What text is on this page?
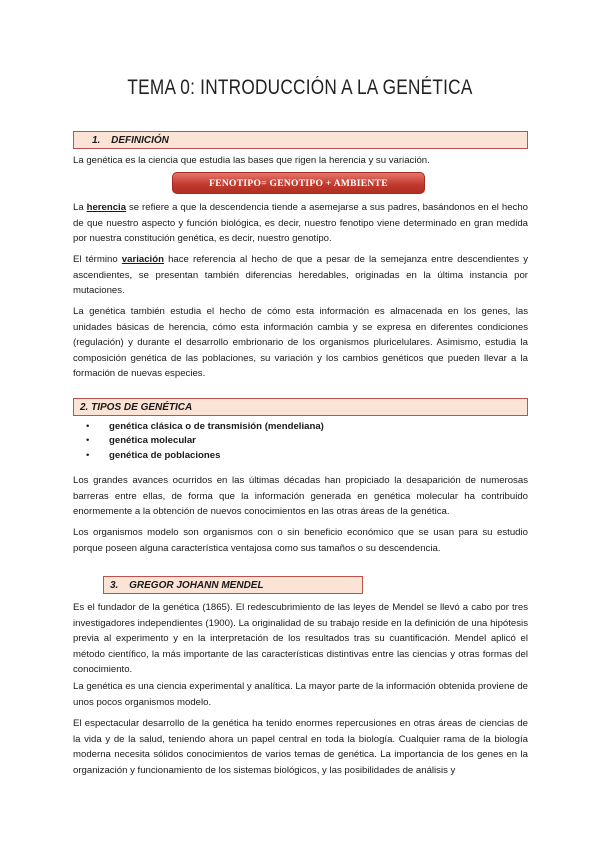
TEMA 0: INTRODUCCIÓN A LA GENÉTICA
1. DEFINICIÓN

La genética es la ciencia que estudia las bases que rigen la herencia y su variación.

FENOTIPO= GENOTIPO + AMBIENTE

La herencia se refiere a que la descendencia tiende a asemejarse a sus padres, basándonos en el hecho de que nuestro aspecto y función biológica, es decir, nuestro fenotipo viene determinado en gran medida por nuestra constitución genética, es decir, nuestro genotipo.

El término variación hace referencia al hecho de que a pesar de la semejanza entre descendientes y ascendientes, se presentan también diferencias heredables, originadas en la última instancia por mutaciones.

La genética también estudia el hecho de cómo esta información es almacenada en los genes, las unidades básicas de herencia, cómo esta información cambia y se expresa en diferentes condiciones (regulación) y durante el desarrollo embrionario de los organismos pluricelulares. Asimismo, estudia la composición genética de las poblaciones, su variación y los cambios genéticos que pueden llevar a la formación de nuevas especies.

2. TIPOS DE GENÉTICA
• genética clásica o de transmisión (mendeliana)
• genética molecular
• genética de poblaciones

Los grandes avances ocurridos en las últimas décadas han propiciado la desaparición de numerosas barreras entre ellas, de forma que la información generada en genética molecular ha contribuido enormemente a la obtención de nuevos conocimientos en las otras áreas de la genética.

Los organismos modelo son organismos con o sin beneficio económico que se usan para su estudio porque poseen alguna característica ventajosa como sus tamaños o su descendencia.

3. GREGOR JOHANN MENDEL

Es el fundador de la genética (1865). El redescubrimiento de las leyes de Mendel se llevó a cabo por tres investigadores independientes (1900). La originalidad de su trabajo reside en la definición de una hipótesis previa al experimento y en la interpretación de los resultados tras su cuantificación. Mendel aplicó el método científico, la más importante de las características distintivas entre las ciencias y otras formas del conocimiento.

La genética es una ciencia experimental y analítica. La mayor parte de la información obtenida proviene de unos pocos organismos modelo.

El espectacular desarrollo de la genética ha tenido enormes repercusiones en otras áreas de ciencias de la vida y de la salud, teniendo ahora un papel central en toda la biología. Cualquier rama de la biología moderna necesita sólidos conocimientos de varios temas de genética. La importancia de los genes en la organización y funcionamiento de los sistemas biológicos, y las posibilidades de análisis y
